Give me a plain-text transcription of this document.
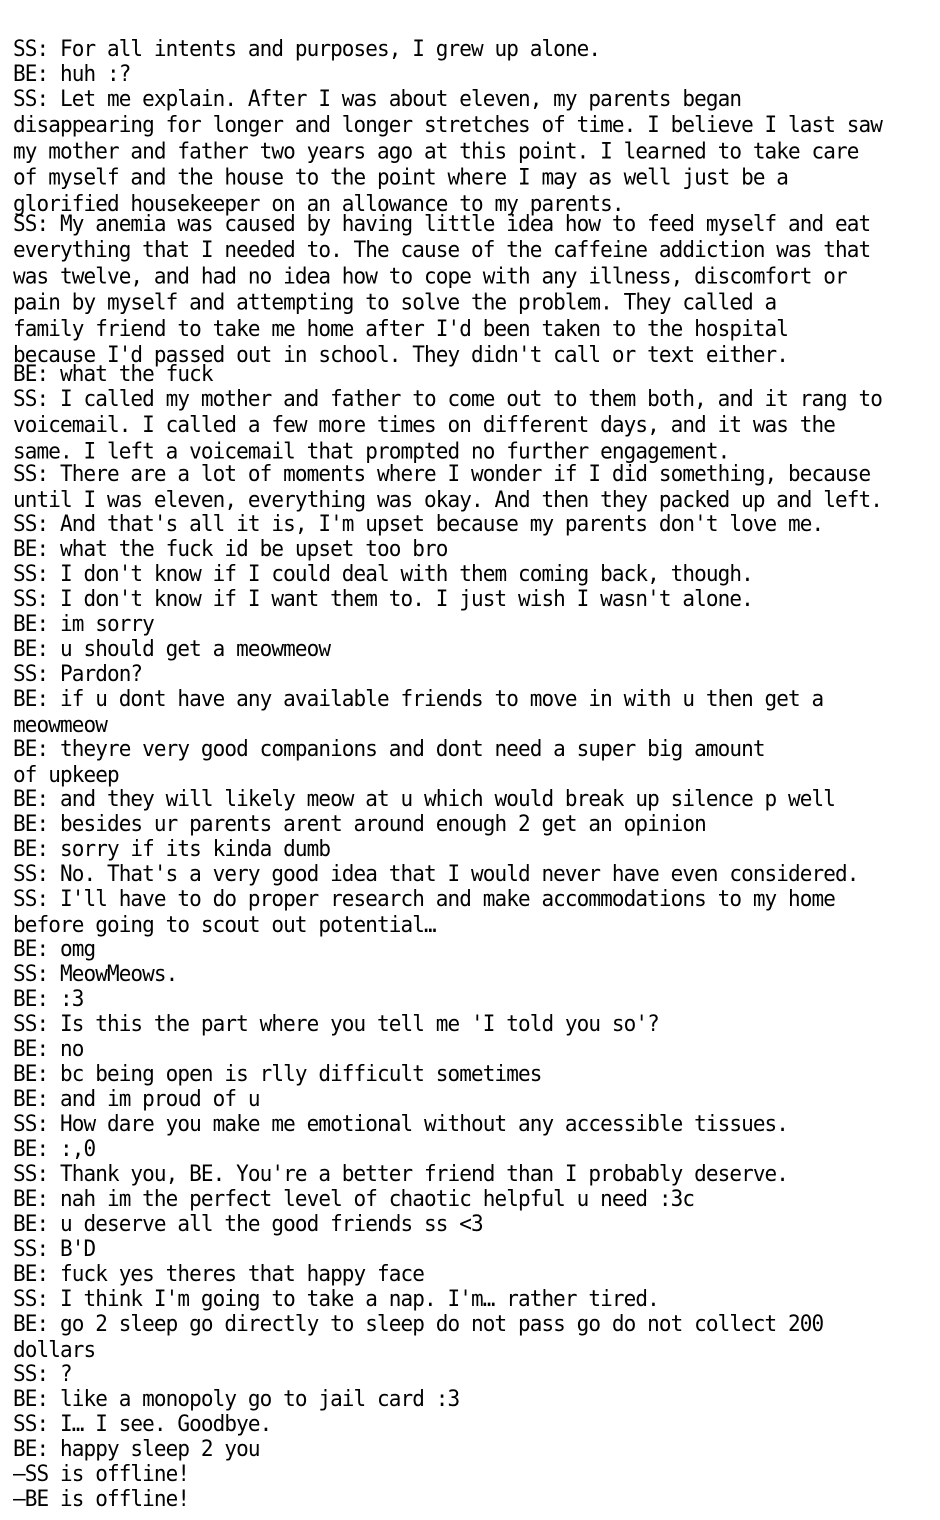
SS: For all intents and purposes, I grew up alone.
BE: huh :?
SS: Let me explain. After I was about eleven, my parents began
disappearing for longer and longer stretches of time. I believe I last saw
my mother and father two years ago at this point. I learned to take care
of myself and the house to the point where I may as well just be a
glorified housekeeper on an allowance to my parents.
SS: My anemia was caused by having little idea how to feed myself and eat
everything that I needed to. The cause of the caffeine addiction was that
was twelve, and had no idea how to cope with any illness, discomfort or
pain by myself and attempting to solve the problem. They called a
family friend to take me home after I'd been taken to the hospital
because I'd passed out in school. They didn't call or text either.
BE: what the fuck
SS: I called my mother and father to come out to them both, and it rang to
voicemail. I called a few more times on different days, and it was the
same. I left a voicemail that prompted no further engagement.
SS: There are a lot of moments where I wonder if I did something, because
until I was eleven, everything was okay. And then they packed up and left.
SS: And that's all it is, I'm upset because my parents don't love me.
BE: what the fuck id be upset too bro
SS: I don't know if I could deal with them coming back, though.
SS: I don't know if I want them to. I just wish I wasn't alone.
BE: im sorry
BE: u should get a meowmeow
SS: Pardon?
BE: if u dont have any available friends to move in with u then get a
meowmeow
BE: theyre very good companions and dont need a super big amount
of upkeep
BE: and they will likely meow at u which would break up silence p well
BE: besides ur parents arent around enough 2 get an opinion
BE: sorry if its kinda dumb
SS: No. That's a very good idea that I would never have even considered.
SS: I'll have to do proper research and make accommodations to my home
before going to scout out potential…
BE: omg
SS: MeowMeows.
BE: :3
SS: Is this the part where you tell me 'I told you so'?
BE: no
BE: bc being open is rlly difficult sometimes
BE: and im proud of u
SS: How dare you make me emotional without any accessible tissues.
BE: :,0
SS: Thank you, BE. You're a better friend than I probably deserve.
BE: nah im the perfect level of chaotic helpful u need :3c
BE: u deserve all the good friends ss <3
SS: B'D
BE: fuck yes theres that happy face
SS: I think I'm going to take a nap. I'm… rather tired.
BE: go 2 sleep go directly to sleep do not pass go do not collect 200
dollars
SS: ?
BE: like a monopoly go to jail card :3
SS: I… I see. Goodbye.
BE: happy sleep 2 you
–SS is offline!
–BE is offline!
